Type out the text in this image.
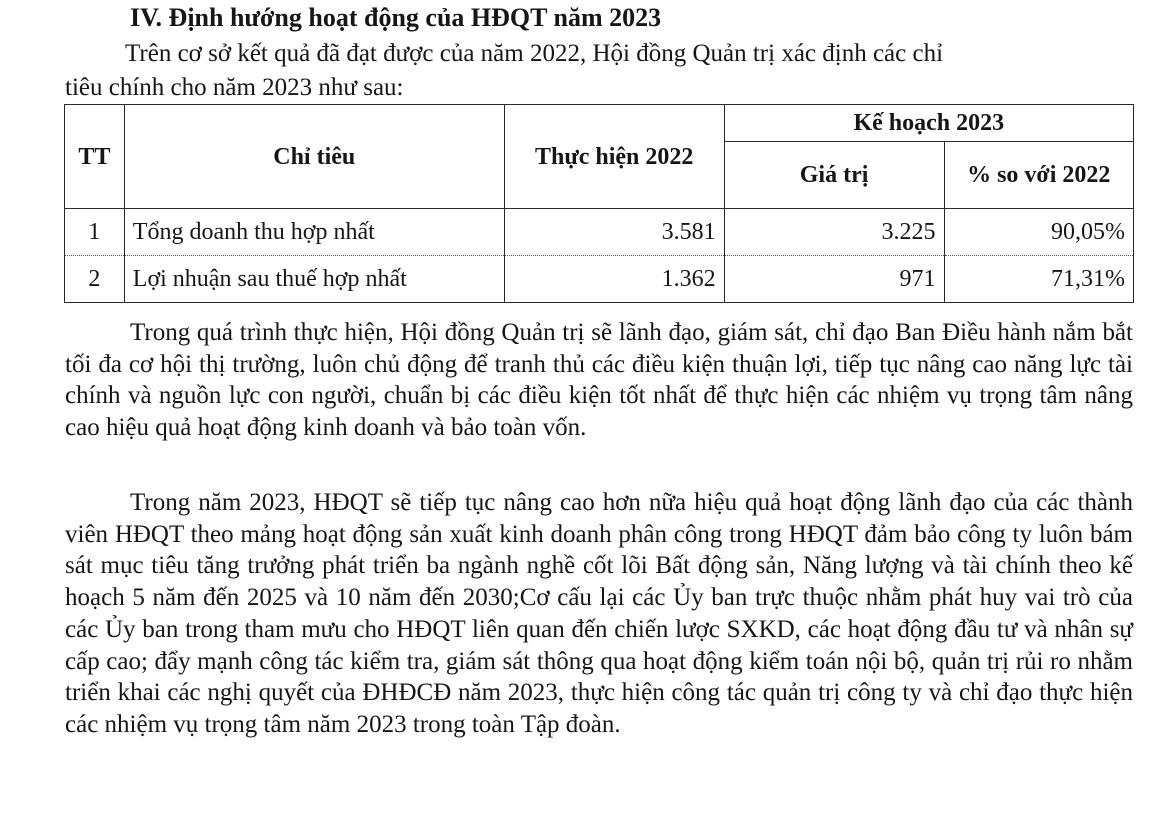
IV. Định hướng hoạt động của HĐQT năm 2023
Trên cơ sở kết quả đã đạt được của năm 2022, Hội đồng Quản trị xác định các chỉ
tiêu chính cho năm 2023 như sau:
TT	Chỉ tiêu	Thực hiện 2022	Kế hoạch 2023	
			Giá trị	% so với 2022
1	Tổng doanh thu hợp nhất	3.581	3.225	90,05%
2	Lợi nhuận sau thuế hợp nhất	1.362	971	71,31%
Trong quá trình thực hiện, Hội đồng Quản trị sẽ lãnh đạo, giám sát, chỉ đạo Ban Điều hành nắm bắt tối đa cơ hội thị trường, luôn chủ động để tranh thủ các điều kiện thuận lợi, tiếp tục nâng cao năng lực tài chính và nguồn lực con người, chuẩn bị các điều kiện tốt nhất để thực hiện các nhiệm vụ trọng tâm nâng cao hiệu quả hoạt động kinh doanh và bảo toàn vốn.
Trong năm 2023, HĐQT sẽ tiếp tục nâng cao hơn nữa hiệu quả hoạt động lãnh đạo của các thành viên HĐQT theo mảng hoạt động sản xuất kinh doanh phân công trong HĐQT đảm bảo công ty luôn bám sát mục tiêu tăng trưởng phát triển ba ngành nghề cốt lõi Bất động sản, Năng lượng và tài chính theo kế hoạch 5 năm đến 2025 và 10 năm đến 2030;Cơ cấu lại các Ủy ban trực thuộc nhằm phát huy vai trò của các Ủy ban trong tham mưu cho HĐQT liên quan đến chiến lược SXKD, các hoạt động đầu tư và nhân sự cấp cao; đẩy mạnh công tác kiểm tra, giám sát thông qua hoạt động kiểm toán nội bộ, quản trị rủi ro nhằm triển khai các nghị quyết của ĐHĐCĐ năm 2023, thực hiện công tác quản trị công ty và chỉ đạo thực hiện các nhiệm vụ trọng tâm năm 2023 trong toàn Tập đoàn.
